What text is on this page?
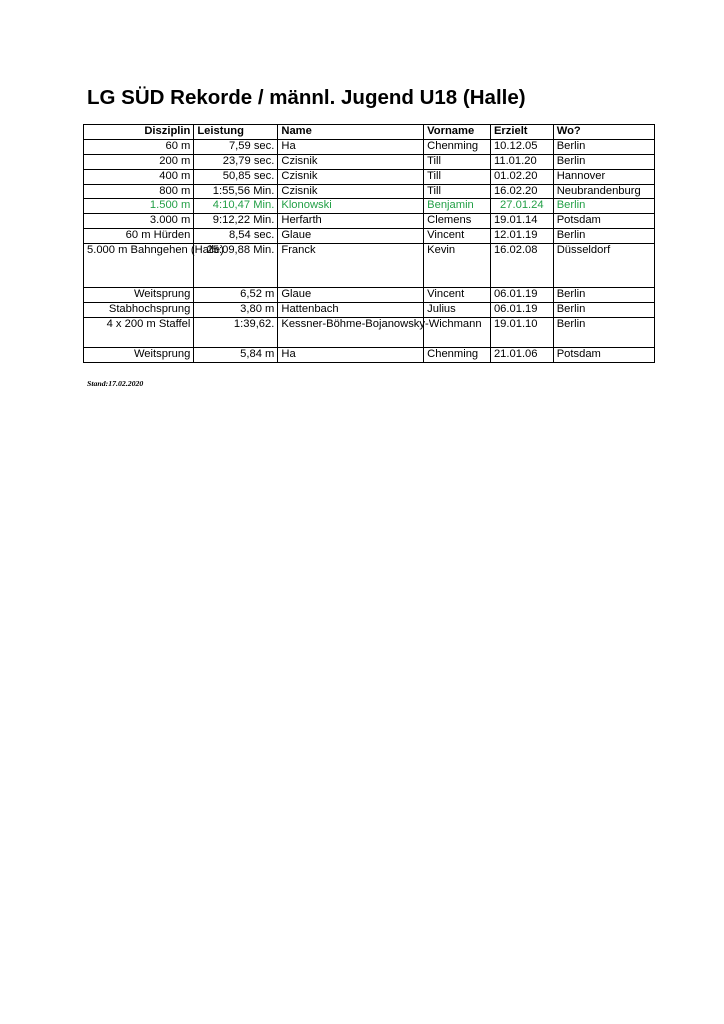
LG SÜD Rekorde / männl. Jugend U18 (Halle)
Disziplin	Leistung	Name	Vorname	Erzielt	Wo?
60 m	7,59 sec.	Ha	Chenming	10.12.05	Berlin
200 m	23,79 sec.	Czisnik	Till	11.01.20	Berlin
400 m	50,85 sec.	Czisnik	Till	01.02.20	Hannover
800 m	1:55,56 Min.	Czisnik	Till	16.02.20	Neubrandenburg
1.500 m	4:10,47 Min.	Klonowski	Benjamin	27.01.24	Berlin
3.000 m	9:12,22 Min.	Herfarth	Clemens	19.01.14	Potsdam
60 m Hürden	8,54 sec.	Glaue	Vincent	12.01.19	Berlin
5.000 m Bahngehen (Halle)	25:09,88 Min.	Franck	Kevin	16.02.08	Düsseldorf
Weitsprung	6,52 m	Glaue	Vincent	06.01.19	Berlin
Stabhochsprung	3,80 m	Hattenbach	Julius	06.01.19	Berlin
4 x 200 m Staffel	1:39,62.	Kessner-Böhme-Bojanowsky-Wichmann		19.01.10	Berlin
Weitsprung	5,84 m	Ha	Chenming	21.01.06	Potsdam

Stand:17.02.2020
